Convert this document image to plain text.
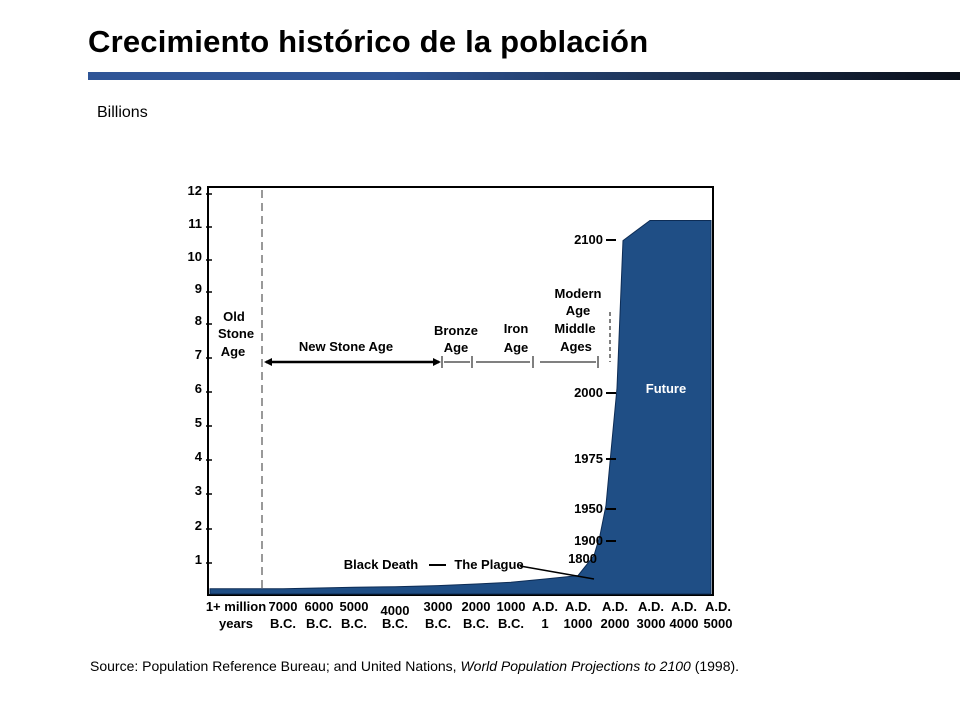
Crecimiento histórico de la población
Billions
1
2
3
4
5
6
7
8
9
10
11
12
1+ million
years
7000
B.C.
6000
B.C.
5000
B.C.
4000
B.C.
3000
B.C.
2000
B.C.
1000
B.C.
A.D.
1
A.D.
1000
A.D.
2000
A.D.
3000
A.D.
4000
A.D.
5000
1800
1900
1950
1975
2000
2100
Old
Stone
Age	New Stone Age
Bronze
Age
Iron
Age
Modern
Age
Middle
Ages
Future
Black Death	The Plague
Source: Population Reference Bureau; and United Nations, World Population Projections to 2100 (1998).
